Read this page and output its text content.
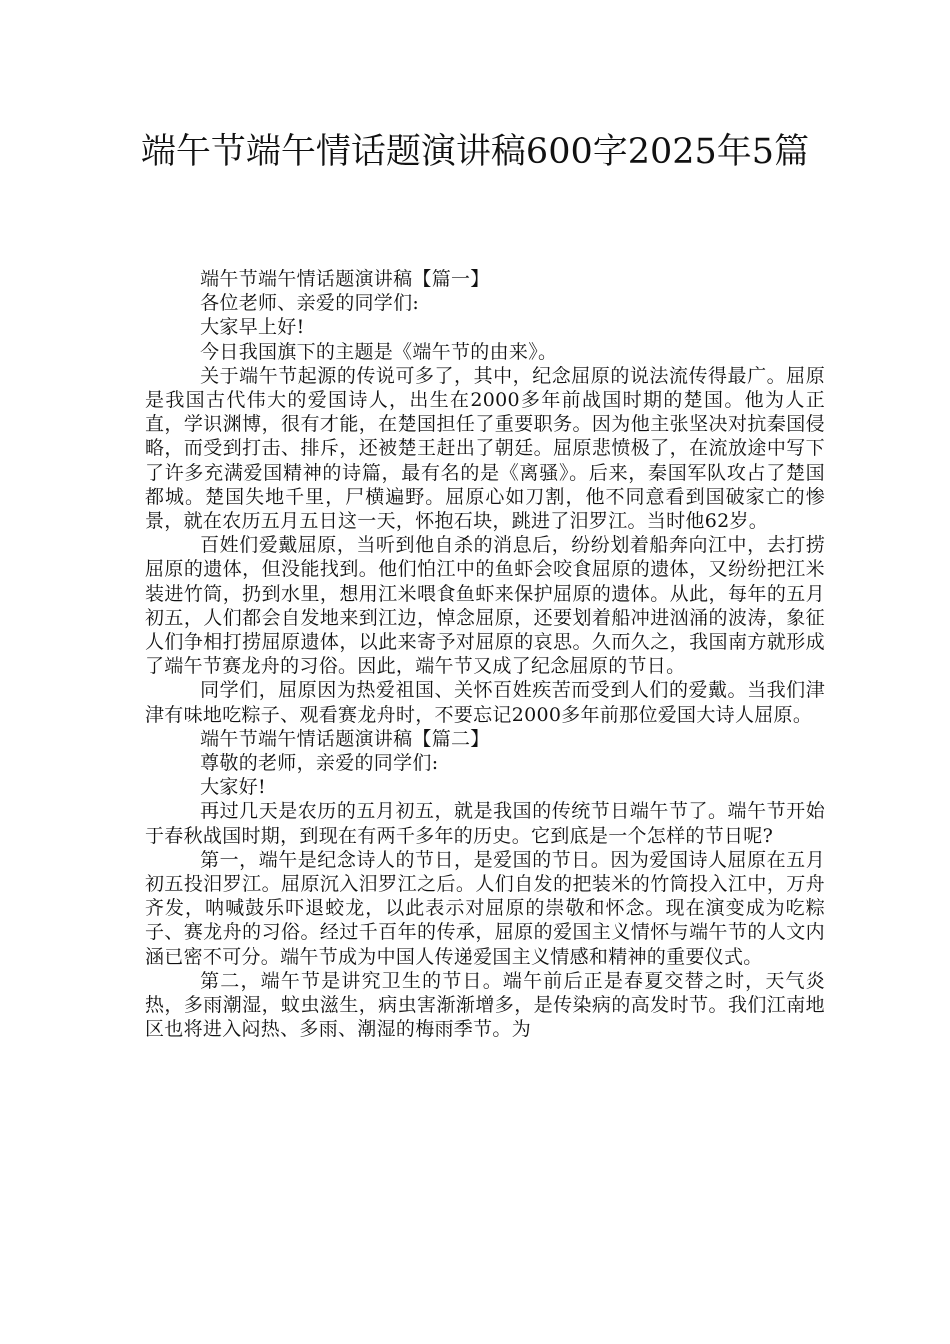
端午节端午情话题演讲稿600字2025年5篇

端午节端午情话题演讲稿【篇一】

各位老师、亲爱的同学们:

大家早上好!

今日我国旗下的主题是《端午节的由来》。

关于端午节起源的传说可多了，其中，纪念屈原的说法流传得最广。屈原是我国古代伟大的爱国诗人，出生在2000多年前战国时期的楚国。他为人正直，学识渊博，很有才能，在楚国担任了重要职务。因为他主张坚决对抗秦国侵略，而受到打击、排斥，还被楚王赶出了朝廷。屈原悲愤极了，在流放途中写下了许多充满爱国精神的诗篇，最有名的是《离骚》。后来，秦国军队攻占了楚国都城。楚国失地千里，尸横遍野。屈原心如刀割，他不同意看到国破家亡的惨景，就在农历五月五日这一天，怀抱石块，跳进了汨罗江。当时他62岁。

百姓们爱戴屈原，当听到他自杀的消息后，纷纷划着船奔向江中，去打捞屈原的遗体，但没能找到。他们怕江中的鱼虾会咬食屈原的遗体，又纷纷把江米装进竹筒，扔到水里，想用江米喂食鱼虾来保护屈原的遗体。从此，每年的五月初五，人们都会自发地来到江边，悼念屈原，还要划着船冲进汹涌的波涛，象征人们争相打捞屈原遗体，以此来寄予对屈原的哀思。久而久之，我国南方就形成了端午节赛龙舟的习俗。因此，端午节又成了纪念屈原的节日。

同学们，屈原因为热爱祖国、关怀百姓疾苦而受到人们的爱戴。当我们津津有味地吃粽子、观看赛龙舟时，不要忘记2000多年前那位爱国大诗人屈原。

端午节端午情话题演讲稿【篇二】

尊敬的老师，亲爱的同学们:

大家好!

再过几天是农历的五月初五，就是我国的传统节日端午节了。端午节开始于春秋战国时期，到现在有两千多年的历史。它到底是一个怎样的节日呢?

第一，端午是纪念诗人的节日，是爱国的节日。因为爱国诗人屈原在五月初五投汨罗江。屈原沉入汨罗江之后。人们自发的把装米的竹筒投入江中，万舟齐发，呐喊鼓乐吓退蛟龙，以此表示对屈原的崇敬和怀念。现在演变成为吃粽子、赛龙舟的习俗。经过千百年的传承，屈原的爱国主义情怀与端午节的人文内涵已密不可分。端午节成为中国人传递爱国主义情感和精神的重要仪式。

第二，端午节是讲究卫生的节日。端午前后正是春夏交替之时，天气炎热，多雨潮湿，蚊虫滋生，病虫害渐渐增多，是传染病的高发时节。我们江南地区也将进入闷热、多雨、潮湿的梅雨季节。为
